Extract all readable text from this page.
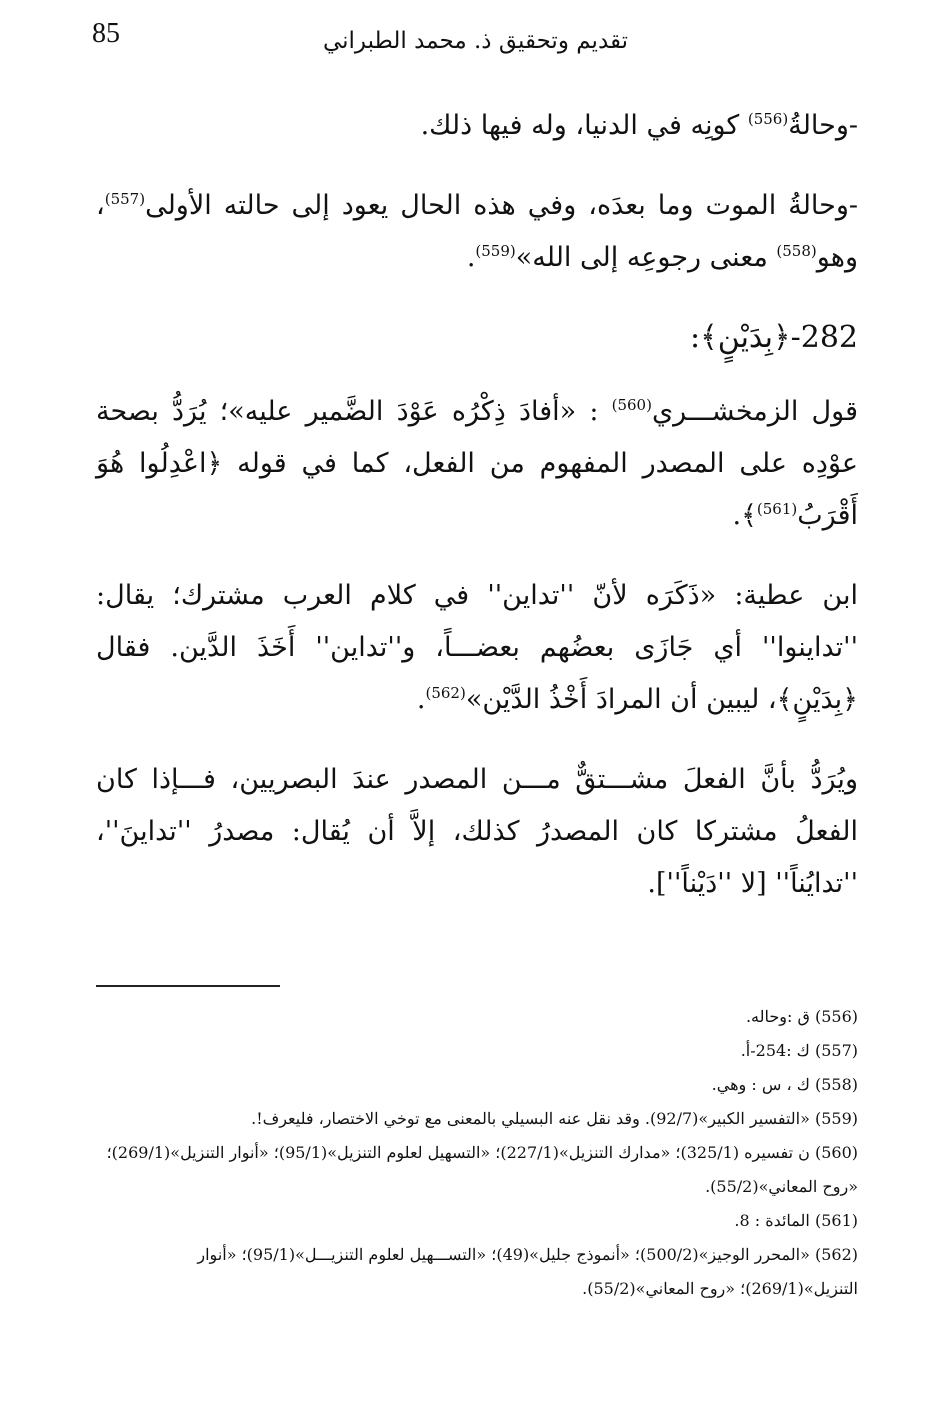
85	تقديم وتحقيق ذ. محمد الطبراني

-وحالةُ$^{(556)}$ كونِه في الدنيا، وله فيها ذلك.

-وحالةُ الموت وما بعدَه، وفي هذه الحال يعود إلى حالته الأولى$^{(557)}$، وهو$^{(558)}$ معنى رجوعِه إلى الله»$^{(559)}$.

282-﴿بِدَيْنٍ﴾:

قول الزمخشـــري$^{(560)}$ : «أفادَ ذِكْرُه عَوْدَ الضَّمير عليه»؛ يُرَدُّ بصحة عوْدِه على المصدر المفهوم من الفعل، كما في قوله ﴿اعْدِلُوا هُوَ أَقْرَبُ$^{(561)}$﴾.

ابن عطية: «ذَكَرَه لأنّ ''تداين'' في كلام العرب مشترك؛ يقال: ''تداينوا'' أي جَازَى بعضُهم بعضـــاً، و''تداين'' أَخَذَ الدَّين. فقال ﴿بِدَيْنٍ﴾، ليبين أن المرادَ أَخْذُ الدَّيْن»$^{(562)}$.

ويُرَدُّ بأنَّ الفعلَ مشـــتقٌّ مـــن المصدر عندَ البصريين، فـــإذا كان الفعلُ مشتركا كان المصدرُ كذلك، إلاَّ أن يُقال: مصدرُ ''تداينَ''، ''تدايُناً'' [لا ''دَيْناً''].

(556) ق :وحاله.

(557) ك :254-أ.

(558) ك ، س : وهي.

(559) «التفسير الكبير»(92/7). وقد نقل عنه البسيلي بالمعنى مع توخي الاختصار، فليعرف!.

(560) ن تفسيره (325/1)؛ «مدارك التنزيل»(227/1)؛ «التسهيل لعلوم التنزيل»(95/1)؛ «أنوار التنزيل»(269/1)؛ «روح المعاني»(55/2).

(561) المائدة : 8.

(562) «المحرر الوجيز»(500/2)؛ «أنموذج جليل»(49)؛ «التســـهيل لعلوم التنزيـــل»(95/1)؛ «أنوار التنزيل»(269/1)؛ «روح المعاني»(55/2).
